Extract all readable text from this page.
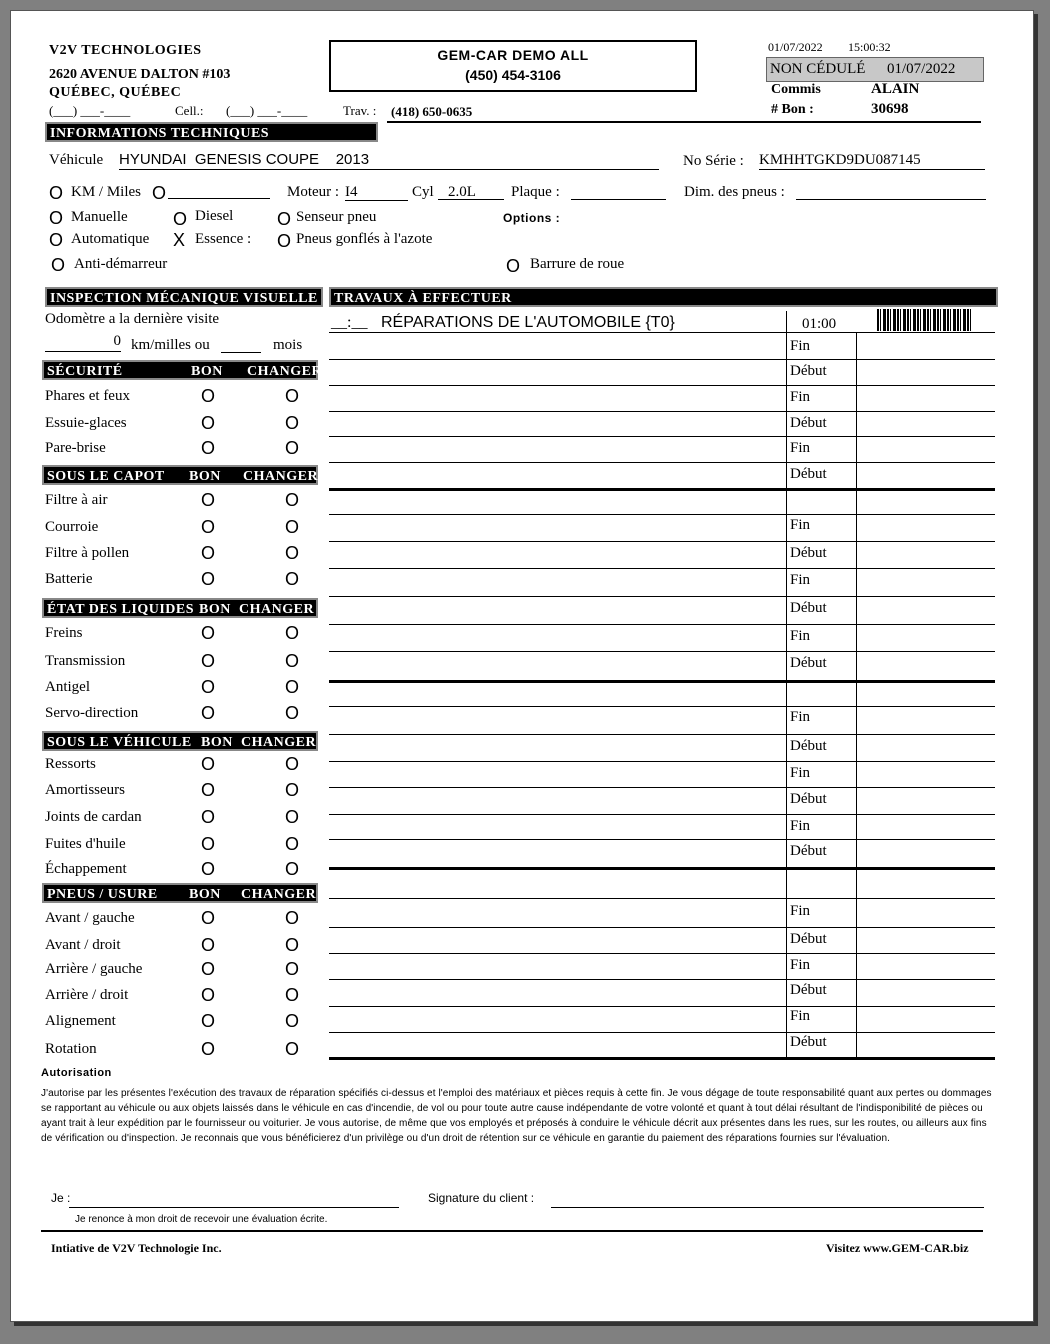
V2V TECHNOLOGIES
2620 AVENUE DALTON #103
QUÉBEC, QUÉBEC
(___) ___-____	Cell.: (___) ___-____	Trav. : (418) 650-0635
GEM-CAR DEMO ALL
(450) 454-3106
01/07/2022 15:00:32
NON CÉDULÉ 01/07/2022
Commis	ALAIN
# Bon :	30698
INFORMATIONS TECHNIQUES
Véhicule HYUNDAI  GENESIS COUPE    2013	No Série : KMHHTGKD9DU087145
O KM / Miles O	Moteur : I4	Cyl 2.0L	Plaque :	Dim. des pneus :
O Manuelle	O Diesel O Senseur pneu	Options :
O Automatique X Essence : O Pneus gonflés à l'azote
O Anti-démarreur	O Barrure de roue
INSPECTION MÉCANIQUE VISUELLE
Odomètre a la dernière visite
0 km/milles ou	mois
SÉCURITÉ	BON CHANGER
Phares et feux	O	O
Essuie-glaces	O	O
Pare-brise	O	O
SOUS LE CAPOT BON CHANGER
Filtre à air	O	O
Courroie	O	O
Filtre à pollen	O	O
Batterie	O	O
ÉTAT DES LIQUIDES BON CHANGER
Freins	O	O
Transmission	O	O
Antigel	O	O
Servo-direction	O	O
SOUS LE VÉHICULE BON CHANGER
Ressorts	O	O
Amortisseurs	O	O
Joints de cardan	O	O
Fuites d'huile	O	O
Échappement	O	O
PNEUS / USURE BON CHANGER
Avant / gauche	O	O
Avant / droit	O	O
Arrière / gauche	O	O
Arrière / droit	O	O
Alignement	O	O
Rotation	O	O
TRAVAUX À EFFECTUER
__:__ RÉPARATIONS DE L'AUTOMOBILE {T0}	01:00
Fin
Début
Fin
Début
Fin
Début
Fin
Début
Fin
Début
Fin
Début
Fin
Début
Fin
Début
Fin
Début
Fin
Début
Fin
Début
Fin
Début
Autorisation
J'autorise par les présentes l'exécution des travaux de réparation spécifiés ci-dessus et l'emploi des matériaux et pièces requis à cette fin. Je vous dégage de toute responsabilité quant aux pertes ou dommages se rapportant au véhicule ou aux objets laissés dans le véhicule en cas d'incendie, de vol ou pour toute autre cause indépendante de votre volonté et quant à tout délai résultant de l'indisponibilité de pièces ou ayant trait à leur expédition par le fournisseur ou voiturier. Je vous autorise, de même que vos employés et préposés à conduire le véhicule décrit aux présentes dans les rues, sur les routes, ou ailleurs aux fins de vérification ou d'inspection. Je reconnais que vous bénéficierez d'un privilège ou d'un droit de rétention sur ce véhicule en garantie du paiement des réparations fournies sur l'évaluation.
Je :	Signature du client :
Je renonce à mon droit de recevoir une évaluation écrite.
Intiative de V2V Technologie Inc.	Visitez www.GEM-CAR.biz
